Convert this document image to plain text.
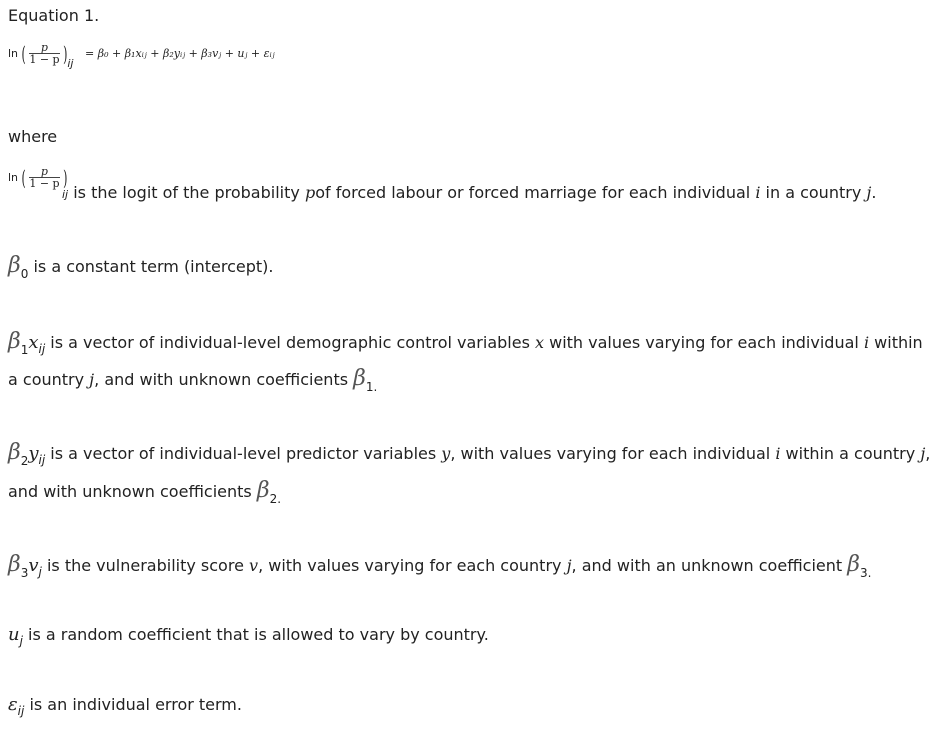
Equation 1.
ln ( $\frac{p}{1 - p} )ij = \beta_0$ + β₁xᵢⱼ + β₂yᵢⱼ + β₃vⱼ + uⱼ + εᵢⱼ
where
ln ( $\frac{p}{1 - p}$ )
ij is the logit of the probability pof forced labour or forced marriage for each individual i in a country j.
$\beta_0$ is a constant term (intercept).
$\beta_1x_{ij}$ is a vector of individual-level demographic control variables x with values varying for each individual i within
a country j, and with unknown coefficients $\beta_{1.}$
$\beta_2y_{ij}$ is a vector of individual-level predictor variables y, with values varying for each individual i within a country j,
and with unknown coefficients $\beta_{2.}$
$\beta_3v_j$ is the vulnerability score v, with values varying for each country j, and with an unknown coefficient $\beta_{3.}$
$u_j$ is a random coefficient that is allowed to vary by country.
$\varepsilon_{ij}$ is an individual error term.
